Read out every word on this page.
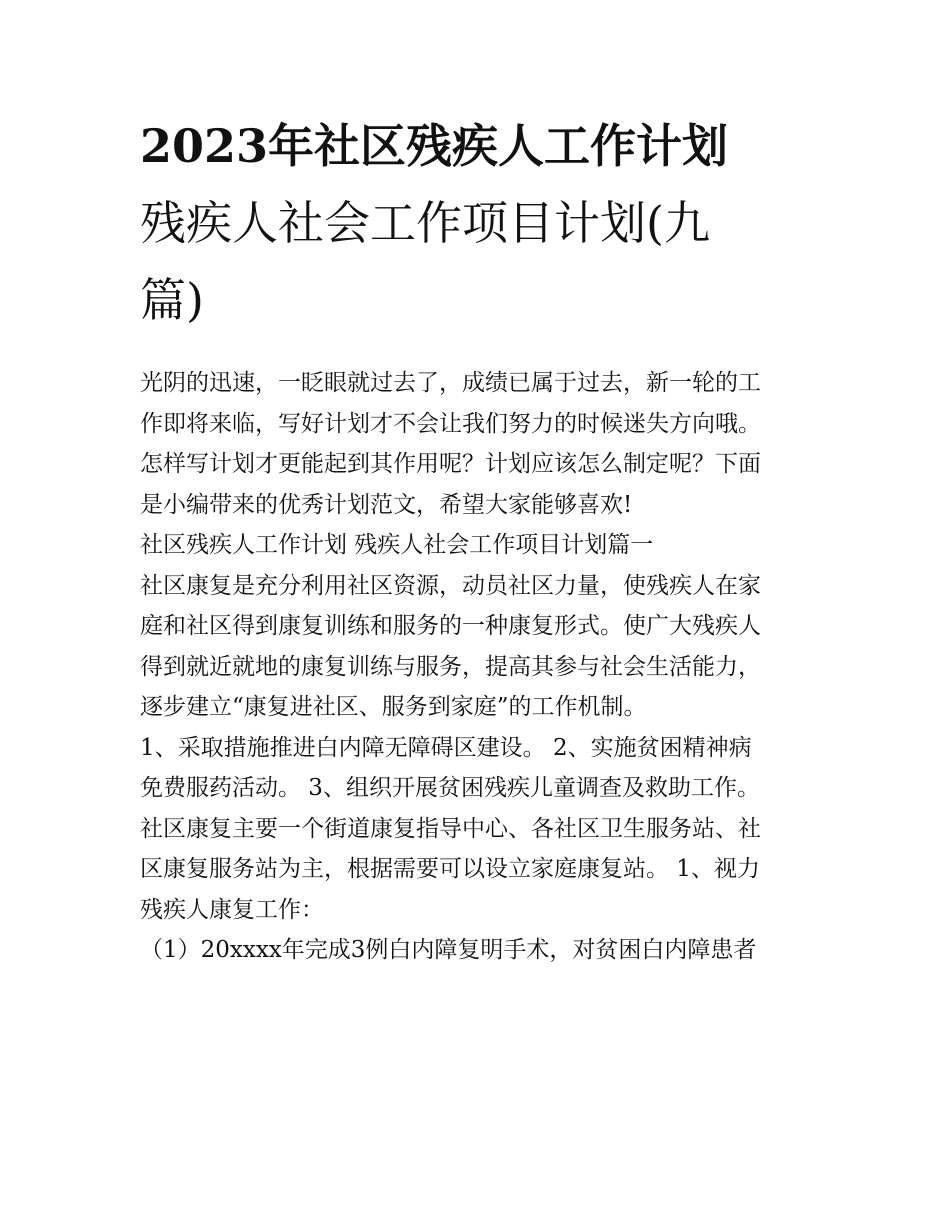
2023年社区残疾人工作计划
残疾人社会工作项目计划(九
篇)
光阴的迅速，一眨眼就过去了，成绩已属于过去，新一轮的工
作即将来临，写好计划才不会让我们努力的时候迷失方向哦。
怎样写计划才更能起到其作用呢？计划应该怎么制定呢？下面
是小编带来的优秀计划范文，希望大家能够喜欢!
社区残疾人工作计划 残疾人社会工作项目计划篇一
社区康复是充分利用社区资源，动员社区力量，使残疾人在家
庭和社区得到康复训练和服务的一种康复形式。使广大残疾人
得到就近就地的康复训练与服务，提高其参与社会生活能力，
逐步建立“康复进社区、服务到家庭”的工作机制。
1、采取措施推进白内障无障碍区建设。 2、实施贫困精神病
免费服药活动。 3、组织开展贫困残疾儿童调查及救助工作。
社区康复主要一个街道康复指导中心、各社区卫生服务站、社
区康复服务站为主，根据需要可以设立家庭康复站。 1、视力
残疾人康复工作：
（1）20xxxx年完成3例白内障复明手术，对贫困白内障患者
